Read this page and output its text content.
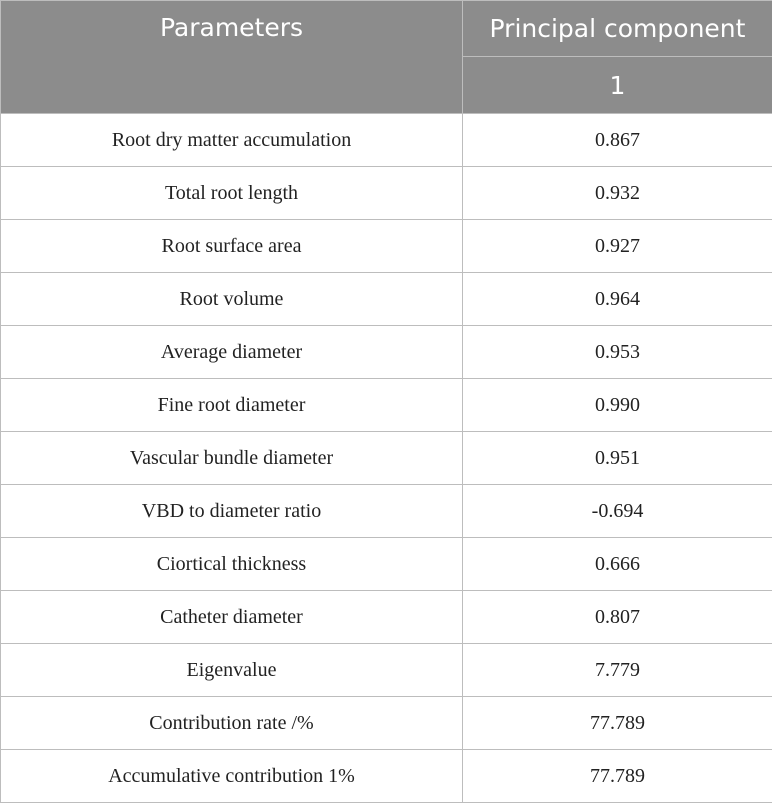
Parameters	Principal component
	1
Root dry matter accumulation	0.867
Total root length	0.932
Root surface area	0.927
Root volume	0.964
Average diameter	0.953
Fine root diameter	0.990
Vascular bundle diameter	0.951
VBD to diameter ratio	-0.694
Ciortical thickness	0.666
Catheter diameter	0.807
Eigenvalue	7.779
Contribution rate /%	77.789
Accumulative contribution 1%	77.789
